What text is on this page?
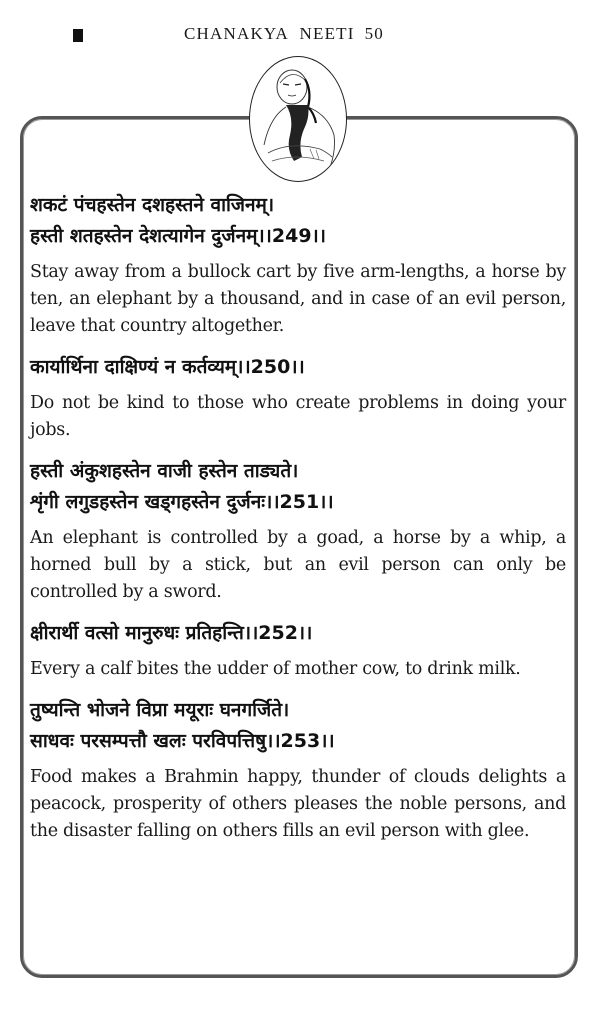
CHANAKYA NEETI 50
शकटं पंचहस्तेन दशहस्तने वाजिनम्।
हस्ती शतहस्तेन देशत्यागेन दुर्जनम्।।249।।
Stay away from a bullock cart by five arm-lengths, a horse by ten, an elephant by a thousand, and in case of an evil person, leave that country altogether.
कार्यार्थिना दाक्षिण्यं न कर्तव्यम्।।250।।
Do not be kind to those who create problems in doing your jobs.
हस्ती अंकुशहस्तेन वाजी हस्तेन ताड्यते।
शृंगी लगुडहस्तेन खड्गहस्तेन दुर्जनः।।251।।
An elephant is controlled by a goad, a horse by a whip, a horned bull by a stick, but an evil person can only be controlled by a sword.
क्षीरार्थी वत्सो मानुरुधः प्रतिहन्ति।।252।।
Every a calf bites the udder of mother cow, to drink milk.
तुष्यन्ति भोजने विप्रा मयूराः घनगर्जिते।
साधवः परसम्पत्तौ खलः परविपत्तिषु।।253।।
Food makes a Brahmin happy, thunder of clouds delights a peacock, prosperity of others pleases the noble persons, and the disaster falling on others fills an evil person with glee.
